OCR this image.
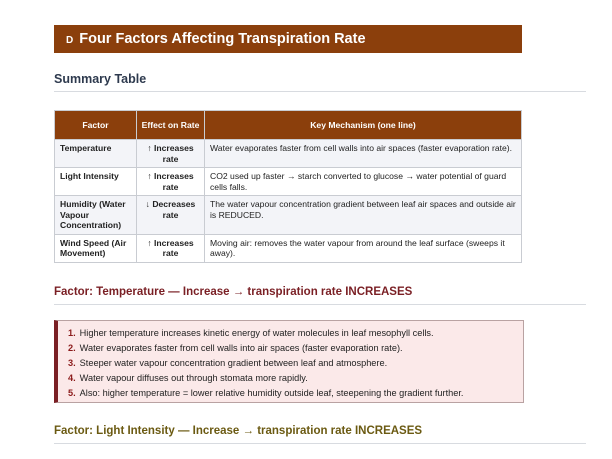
D Four Factors Affecting Transpiration Rate
Summary Table
Factor	Effect on Rate	Key Mechanism (one line)
Temperature	↑ Increases rate	Water evaporates faster from cell walls into air spaces (faster evaporation rate).
Light Intensity	↑ Increases rate	CO2 used up faster → starch converted to glucose → water potential of guard cells falls.
Humidity (Water Vapour Concentration)	↓ Decreases rate	The water vapour concentration gradient between leaf air spaces and outside air is REDUCED.
Wind Speed (Air Movement)	↑ Increases rate	Moving air: removes the water vapour from around the leaf surface (sweeps it away).
Factor: Temperature — Increase → transpiration rate INCREASES
1. Higher temperature increases kinetic energy of water molecules in leaf mesophyll cells.
2. Water evaporates faster from cell walls into air spaces (faster evaporation rate).
3. Steeper water vapour concentration gradient between leaf and atmosphere.
4. Water vapour diffuses out through stomata more rapidly.
5. Also: higher temperature = lower relative humidity outside leaf, steepening the gradient further.
Factor: Light Intensity — Increase → transpiration rate INCREASES
